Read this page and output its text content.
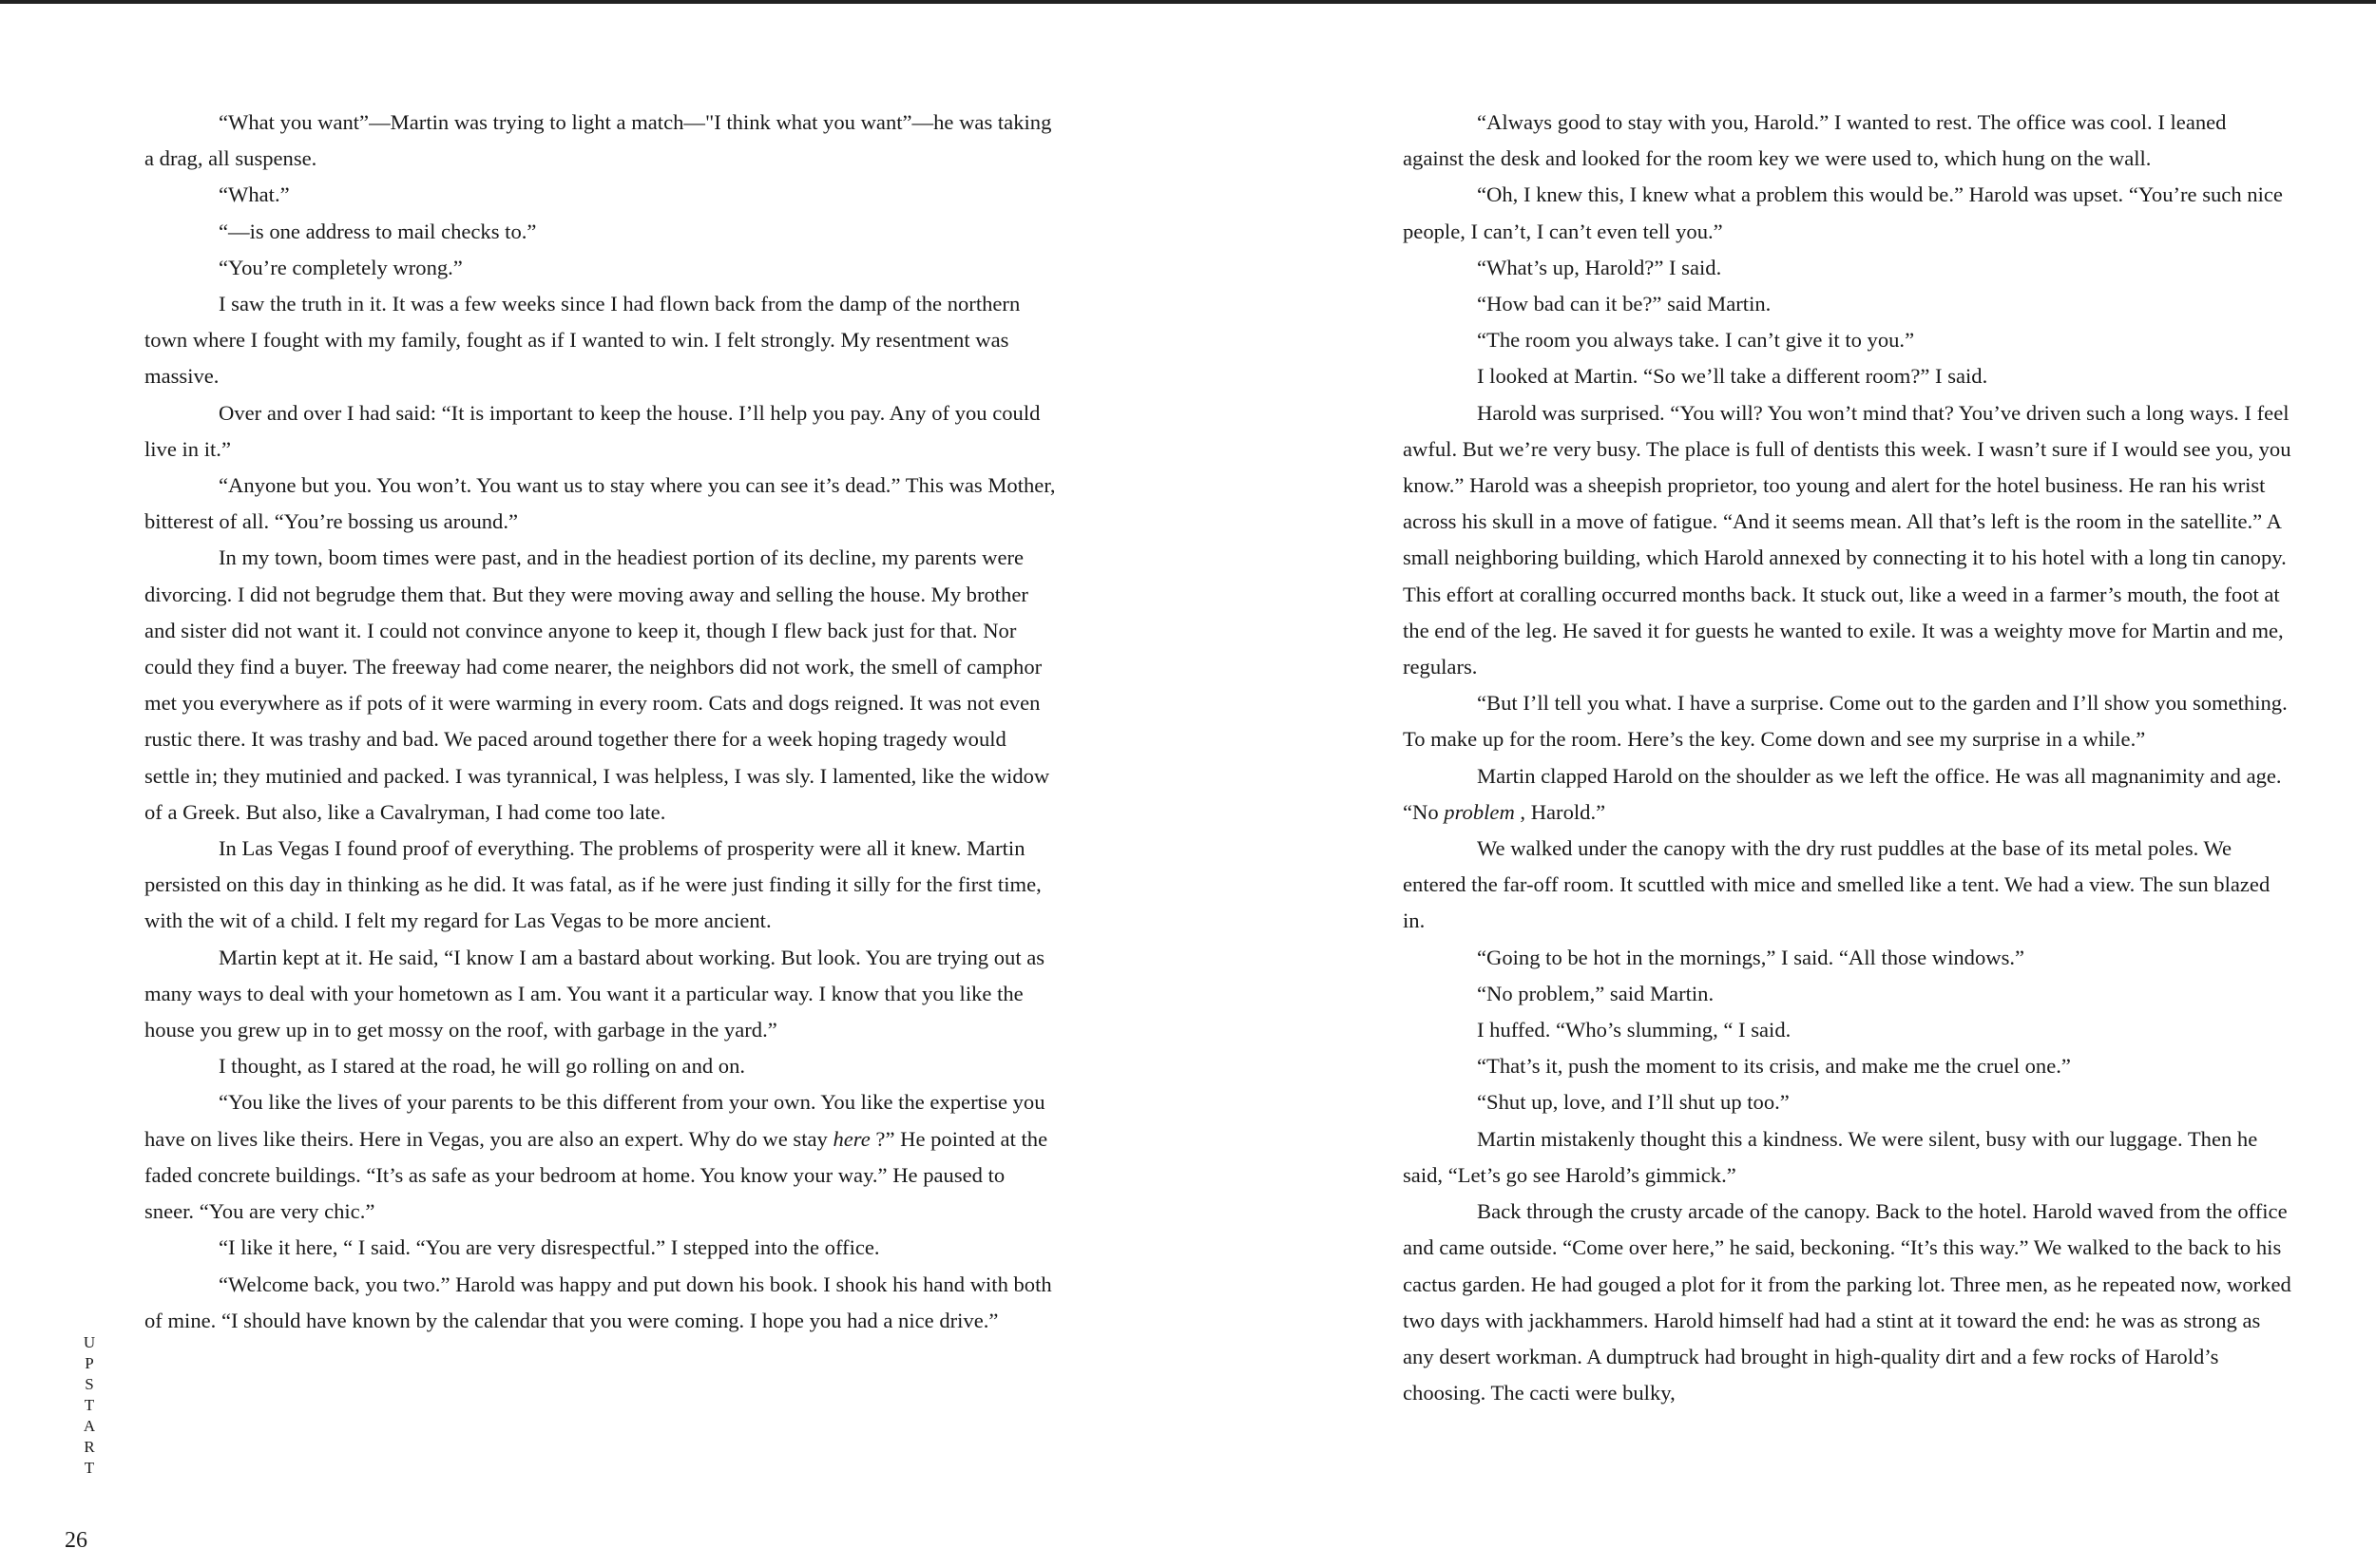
“What you want”—Martin was trying to light a match—"I think what you want”—he was taking a drag, all suspense.

“What.”

“—is one address to mail checks to.”

“You’re completely wrong.”

I saw the truth in it. It was a few weeks since I had flown back from the damp of the northern town where I fought with my family, fought as if I wanted to win. I felt strongly. My resentment was massive.

Over and over I had said: “It is important to keep the house. I’ll help you pay. Any of you could live in it.”

“Anyone but you. You won’t. You want us to stay where you can see it’s dead.” This was Mother, bitterest of all. “You’re bossing us around.”

In my town, boom times were past, and in the headiest portion of its decline, my parents were divorcing. I did not begrudge them that. But they were moving away and selling the house. My brother and sister did not want it. I could not convince anyone to keep it, though I flew back just for that. Nor could they find a buyer. The freeway had come nearer, the neighbors did not work, the smell of camphor met you everywhere as if pots of it were warming in every room. Cats and dogs reigned. It was not even rustic there. It was trashy and bad. We paced around together there for a week hoping tragedy would settle in; they mutinied and packed. I was tyrannical, I was helpless, I was sly. I lamented, like the widow of a Greek. But also, like a Cavalryman, I had come too late.

In Las Vegas I found proof of everything. The problems of prosperity were all it knew. Martin persisted on this day in thinking as he did. It was fatal, as if he were just finding it silly for the first time, with the wit of a child. I felt my regard for Las Vegas to be more ancient.

Martin kept at it. He said, “I know I am a bastard about working. But look. You are trying out as many ways to deal with your hometown as I am. You want it a particular way. I know that you like the house you grew up in to get mossy on the roof, with garbage in the yard.”

I thought, as I stared at the road, he will go rolling on and on.

“You like the lives of your parents to be this different from your own. You like the expertise you have on lives like theirs. Here in Vegas, you are also an expert. Why do we stay here ?” He pointed at the faded concrete buildings. “It’s as safe as your bedroom at home. You know your way.” He paused to sneer. “You are very chic.”

“I like it here, “ I said. “You are very disrespectful.” I stepped into the office.

“Welcome back, you two.” Harold was happy and put down his book. I shook his hand with both of mine. “I should have known by the calendar that you were coming. I hope you had a nice drive.”

“Always good to stay with you, Harold.” I wanted to rest. The office was cool. I leaned against the desk and looked for the room key we were used to, which hung on the wall.

“Oh, I knew this, I knew what a problem this would be.” Harold was upset. “You’re such nice people, I can’t, I can’t even tell you.”

“What’s up, Harold?” I said.

“How bad can it be?” said Martin.

“The room you always take. I can’t give it to you.”

I looked at Martin. “So we’ll take a different room?” I said.

Harold was surprised. “You will? You won’t mind that? You’ve driven such a long ways. I feel awful. But we’re very busy. The place is full of dentists this week. I wasn’t sure if I would see you, you know.” Harold was a sheepish proprietor, too young and alert for the hotel business. He ran his wrist across his skull in a move of fatigue. “And it seems mean. All that’s left is the room in the satellite.” A small neighboring building, which Harold annexed by connecting it to his hotel with a long tin canopy. This effort at coralling occurred months back. It stuck out, like a weed in a farmer’s mouth, the foot at the end of the leg. He saved it for guests he wanted to exile. It was a weighty move for Martin and me, regulars.

“But I’ll tell you what. I have a surprise. Come out to the garden and I’ll show you something. To make up for the room. Here’s the key. Come down and see my surprise in a while.”

Martin clapped Harold on the shoulder as we left the office. He was all magnanimity and age. “No problem , Harold.”

We walked under the canopy with the dry rust puddles at the base of its metal poles. We entered the far-off room. It scuttled with mice and smelled like a tent. We had a view. The sun blazed in.

“Going to be hot in the mornings,” I said. “All those windows.”

“No problem,” said Martin.

I huffed. “Who’s slumming, “ I said.

“That’s it, push the moment to its crisis, and make me the cruel one.”

“Shut up, love, and I’ll shut up too.”

Martin mistakenly thought this a kindness. We were silent, busy with our luggage. Then he said, “Let’s go see Harold’s gimmick.”

Back through the crusty arcade of the canopy. Back to the hotel. Harold waved from the office and came outside. “Come over here,” he said, beckoning. “It’s this way.” We walked to the back to his cactus garden. He had gouged a plot for it from the parking lot. Three men, as he repeated now, worked two days with jackhammers. Harold himself had had a stint at it toward the end: he was as strong as any desert workman. A dumptruck had brought in high-quality dirt and a few rocks of Harold’s choosing. The cacti were bulky,

U
P
S
T
A
R
T
26
